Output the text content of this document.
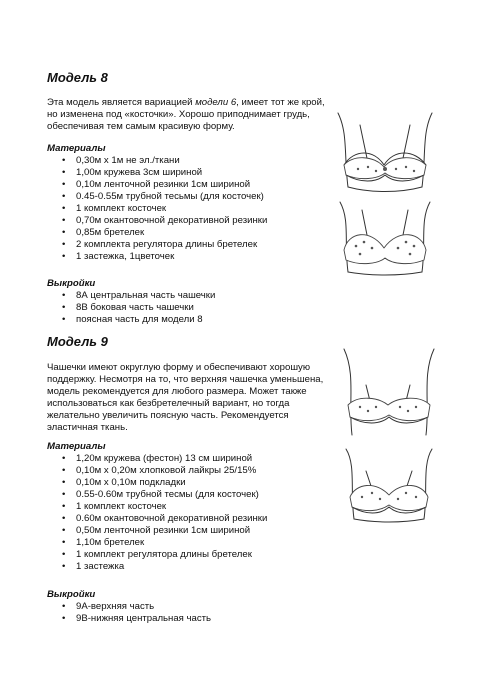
Модель 8

Эта модель является вариацией модели 6, имеет тот же крой, но изменена под «косточки». Хорошо приподнимает грудь, обеспечивая тем самым красивую форму.

Материалы
• 0,30м х 1м не эл./ткани
• 1,00м кружева 3см шириной
• 0,10м ленточной резинки 1см шириной
• 0.45-0.55м трубной тесьмы (для косточек)
• 1 комплект косточек
• 0,70м окантовочной декоративной резинки
• 0,85м бретелек
• 2 комплекта регулятора длины бретелек
• 1 застежка, 1цветочек
Выкройки
• 8А центральная часть чашечки
• 8В боковая часть чашечки
• поясная часть для модели 8
Модель 9

Чашечки имеют округлую форму и обеспечивают хорошую поддержку. Несмотря на то, что верхняя чашечка уменьшена, модель рекомендуется для любого размера. Может также использоваться как безбретелечный вариант, но тогда желательно увеличить поясную часть. Рекомендуется эластичная ткань.

Материалы
• 1,20м кружева (фестон) 13 см шириной
• 0,10м х 0,20м хлопковой лайкры 25/15%
• 0,10м х 0,10м подкладки
• 0.55-0.60м трубной тесмы (для косточек)
• 1 комплект косточек
• 0.60м окантовочной декоративной резинки
• 0,50м ленточной резинки 1см шириной
• 1,10м бретелек
• 1 комплект регулятора длины бретелек
• 1 застежка
Выкройки
• 9А-верхняя часть
• 9В-нижняя центральная часть
